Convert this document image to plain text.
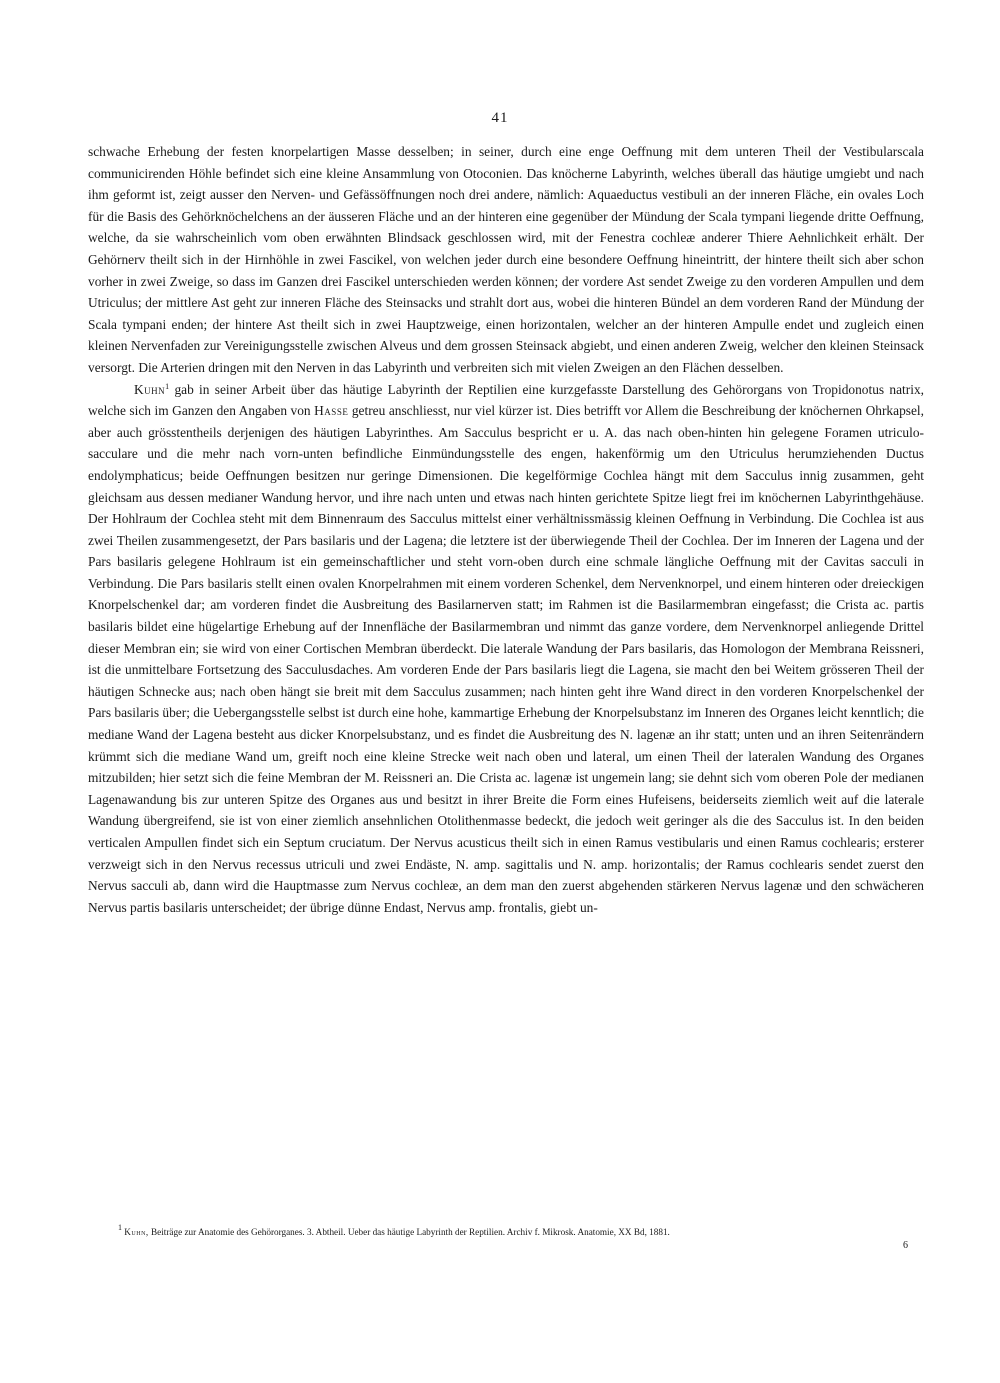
41

schwache Erhebung der festen knorpelartigen Masse desselben; in seiner, durch eine enge Oeffnung mit dem unteren Theil der Vestibularscala communicirenden Höhle befindet sich eine kleine Ansammlung von Otoconien. Das knöcherne Labyrinth, welches überall das häutige umgiebt und nach ihm geformt ist, zeigt ausser den Nerven- und Gefässöffnungen noch drei andere, nämlich: Aquaeductus vestibuli an der inneren Fläche, ein ovales Loch für die Basis des Gehörknöchelchens an der äusseren Fläche und an der hinteren eine gegenüber der Mündung der Scala tympani liegende dritte Oeffnung, welche, da sie wahrscheinlich vom oben erwähnten Blindsack geschlossen wird, mit der Fenestra cochleæ anderer Thiere Aehnlichkeit erhält. Der Gehörnerv theilt sich in der Hirnhöhle in zwei Fascikel, von welchen jeder durch eine besondere Oeffnung hineintritt, der hintere theilt sich aber schon vorher in zwei Zweige, so dass im Ganzen drei Fascikel unterschieden werden können; der vordere Ast sendet Zweige zu den vorderen Ampullen und dem Utriculus; der mittlere Ast geht zur inneren Fläche des Steinsacks und strahlt dort aus, wobei die hinteren Bündel an dem vorderen Rand der Mündung der Scala tympani enden; der hintere Ast theilt sich in zwei Hauptzweige, einen horizontalen, welcher an der hinteren Ampulle endet und zugleich einen kleinen Nervenfaden zur Vereinigungsstelle zwischen Alveus und dem grossen Steinsack abgiebt, und einen anderen Zweig, welcher den kleinen Steinsack versorgt. Die Arterien dringen mit den Nerven in das Labyrinth und verbreiten sich mit vielen Zweigen an den Flächen desselben.

Kuhn$^1$ gab in seiner Arbeit über das häutige Labyrinth der Reptilien eine kurzgefasste Darstellung des Gehörorgans von Tropidonotus natrix, welche sich im Ganzen den Angaben von Hasse getreu anschliesst, nur viel kürzer ist. Dies betrifft vor Allem die Beschreibung der knöchernen Ohrkapsel, aber auch grösstentheils derjenigen des häutigen Labyrinthes. Am Sacculus bespricht er u. A. das nach oben-hinten hin gelegene Foramen utriculo-sacculare und die mehr nach vorn-unten befindliche Einmündungsstelle des engen, hakenförmig um den Utriculus herumziehenden Ductus endolymphaticus; beide Oeffnungen besitzen nur geringe Dimensionen. Die kegelförmige Cochlea hängt mit dem Sacculus innig zusammen, geht gleichsam aus dessen medianer Wandung hervor, und ihre nach unten und etwas nach hinten gerichtete Spitze liegt frei im knöchernen Labyrinthgehäuse. Der Hohlraum der Cochlea steht mit dem Binnenraum des Sacculus mittelst einer verhältnissmässig kleinen Oeffnung in Verbindung. Die Cochlea ist aus zwei Theilen zusammengesetzt, der Pars basilaris und der Lagena; die letztere ist der überwiegende Theil der Cochlea. Der im Inneren der Lagena und der Pars basilaris gelegene Hohlraum ist ein gemeinschaftlicher und steht vorn-oben durch eine schmale längliche Oeffnung mit der Cavitas sacculi in Verbindung. Die Pars basilaris stellt einen ovalen Knorpelrahmen mit einem vorderen Schenkel, dem Nervenknorpel, und einem hinteren oder dreieckigen Knorpelschenkel dar; am vorderen findet die Ausbreitung des Basilarnerven statt; im Rahmen ist die Basilarmembran eingefasst; die Crista ac. partis basilaris bildet eine hügelartige Erhebung auf der Innenfläche der Basilarmembran und nimmt das ganze vordere, dem Nervenknorpel anliegende Drittel dieser Membran ein; sie wird von einer Cortischen Membran überdeckt. Die laterale Wandung der Pars basilaris, das Homologon der Membrana Reissneri, ist die unmittelbare Fortsetzung des Sacculusdaches. Am vorderen Ende der Pars basilaris liegt die Lagena, sie macht den bei Weitem grösseren Theil der häutigen Schnecke aus; nach oben hängt sie breit mit dem Sacculus zusammen; nach hinten geht ihre Wand direct in den vorderen Knorpelschenkel der Pars basilaris über; die Uebergangsstelle selbst ist durch eine hohe, kammartige Erhebung der Knorpelsubstanz im Inneren des Organes leicht kenntlich; die mediane Wand der Lagena besteht aus dicker Knorpelsubstanz, und es findet die Ausbreitung des N. lagenæ an ihr statt; unten und an ihren Seitenrändern krümmt sich die mediane Wand um, greift noch eine kleine Strecke weit nach oben und lateral, um einen Theil der lateralen Wandung des Organes mitzubilden; hier setzt sich die feine Membran der M. Reissneri an. Die Crista ac. lagenæ ist ungemein lang; sie dehnt sich vom oberen Pole der medianen Lagenawandung bis zur unteren Spitze des Organes aus und besitzt in ihrer Breite die Form eines Hufeisens, beiderseits ziemlich weit auf die laterale Wandung übergreifend, sie ist von einer ziemlich ansehnlichen Otolithenmasse bedeckt, die jedoch weit geringer als die des Sacculus ist. In den beiden verticalen Ampullen findet sich ein Septum cruciatum. Der Nervus acusticus theilt sich in einen Ramus vestibularis und einen Ramus cochlearis; ersterer verzweigt sich in den Nervus recessus utriculi und zwei Endäste, N. amp. sagittalis und N. amp. horizontalis; der Ramus cochlearis sendet zuerst den Nervus sacculi ab, dann wird die Hauptmasse zum Nervus cochleæ, an dem man den zuerst abgehenden stärkeren Nervus lagenæ und den schwächeren Nervus partis basilaris unterscheidet; der übrige dünne Endast, Nervus amp. frontalis, giebt un-

$^1$ Kuhn, Beiträge zur Anatomie des Gehörorganes. 3. Abtheil. Ueber das häutige Labyrinth der Reptilien. Archiv f. Mikrosk. Anatomie, XX Bd, 1881.
6
